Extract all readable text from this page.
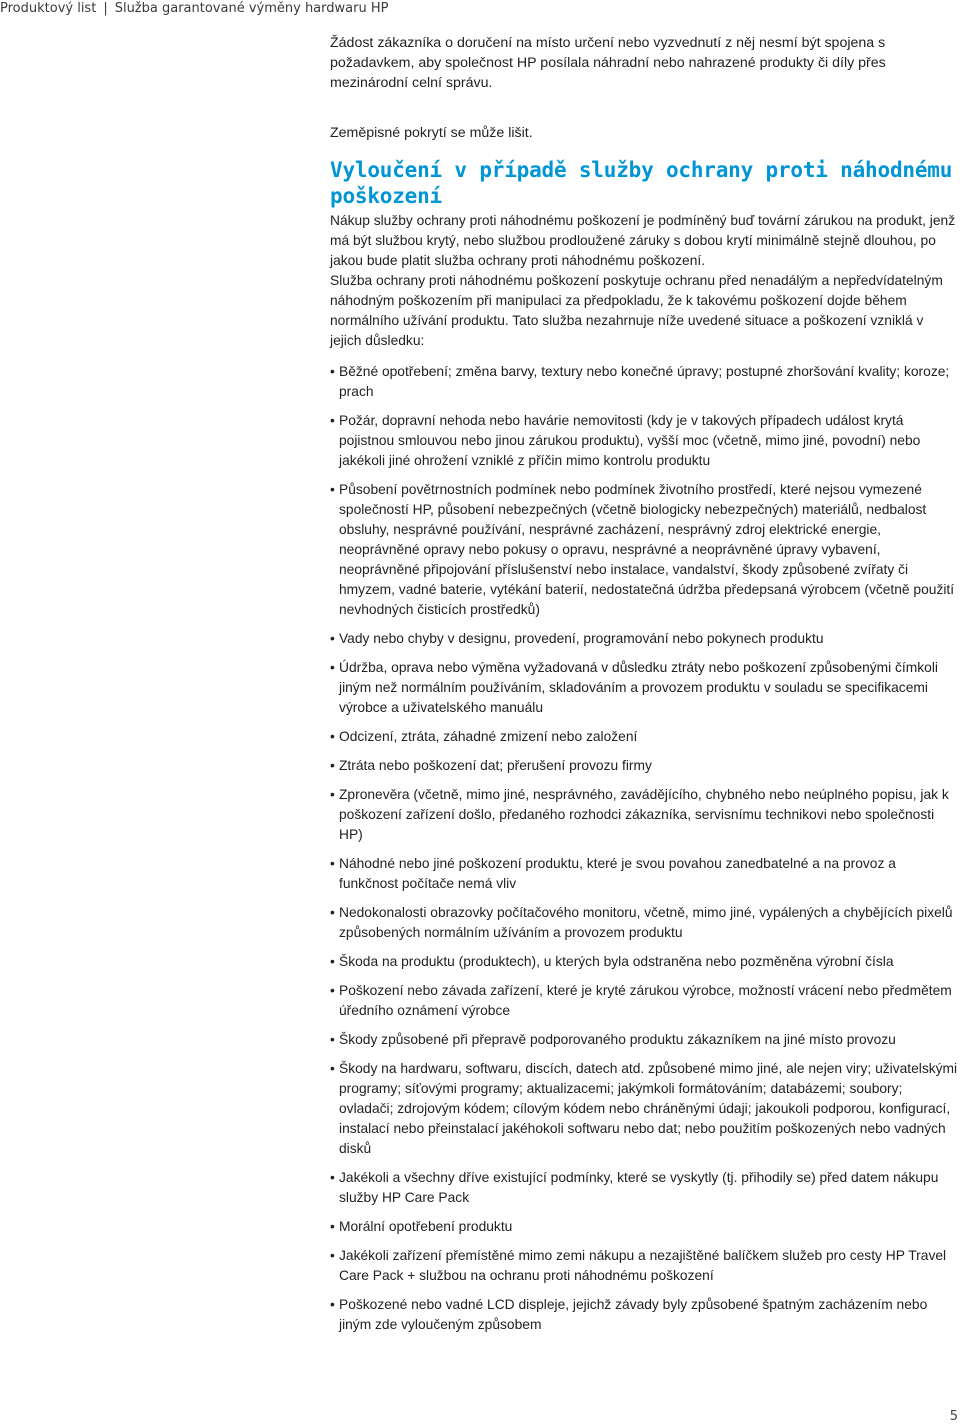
Produktový list | Služba garantované výměny hardwaru HP

Žádost zákazníka o doručení na místo určení nebo vyzvednutí z něj nesmí být spojena s požadavkem, aby společnost HP posílala náhradní nebo nahrazené produkty či díly přes mezinárodní celní správu.

Zeměpisné pokrytí se může lišit.

Vyloučení v případě služby ochrany proti náhodnému poškození

Nákup služby ochrany proti náhodnému poškození je podmíněný buď tovární zárukou na produkt, jenž má být službou krytý, nebo službou prodloužené záruky s dobou krytí minimálně stejně dlouhou, po jakou bude platit služba ochrany proti náhodnému poškození.

Služba ochrany proti náhodnému poškození poskytuje ochranu před nenadálým a nepředvídatelným náhodným poškozením při manipulaci za předpokladu, že k takovému poškození dojde během normálního užívání produktu. Tato služba nezahrnuje níže uvedené situace a poškození vzniklá v jejich důsledku:

• Běžné opotřebení; změna barvy, textury nebo konečné úpravy; postupné zhoršování kvality; koroze; prach
• Požár, dopravní nehoda nebo havárie nemovitosti (kdy je v takových případech událost krytá pojistnou smlouvou nebo jinou zárukou produktu), vyšší moc (včetně, mimo jiné, povodní) nebo jakékoli jiné ohrožení vzniklé z příčin mimo kontrolu produktu
• Působení povětrnostních podmínek nebo podmínek životního prostředí, které nejsou vymezené společností HP, působení nebezpečných (včetně biologicky nebezpečných) materiálů, nedbalost obsluhy, nesprávné používání, nesprávné zacházení, nesprávný zdroj elektrické energie, neoprávněné opravy nebo pokusy o opravu, nesprávné a neoprávněné úpravy vybavení, neoprávněné připojování příslušenství nebo instalace, vandalství, škody způsobené zvířaty či hmyzem, vadné baterie, vytékání baterií, nedostatečná údržba předepsaná výrobcem (včetně použití nevhodných čisticích prostředků)
• Vady nebo chyby v designu, provedení, programování nebo pokynech produktu
• Údržba, oprava nebo výměna vyžadovaná v důsledku ztráty nebo poškození způsobenými čímkoli jiným než normálním používáním, skladováním a provozem produktu v souladu se specifikacemi výrobce a uživatelského manuálu
• Odcizení, ztráta, záhadné zmizení nebo založení
• Ztráta nebo poškození dat; přerušení provozu firmy
• Zpronevěra (včetně, mimo jiné, nesprávného, zavádějícího, chybného nebo neúplného popisu, jak k poškození zařízení došlo, předaného rozhodci zákazníka, servisnímu technikovi nebo společnosti HP)
• Náhodné nebo jiné poškození produktu, které je svou povahou zanedbatelné a na provoz a funkčnost počítače nemá vliv
• Nedokonalosti obrazovky počítačového monitoru, včetně, mimo jiné, vypálených a chybějících pixelů způsobených normálním užíváním a provozem produktu
• Škoda na produktu (produktech), u kterých byla odstraněna nebo pozměněna výrobní čísla
• Poškození nebo závada zařízení, které je kryté zárukou výrobce, možností vrácení nebo předmětem úředního oznámení výrobce
• Škody způsobené při přepravě podporovaného produktu zákazníkem na jiné místo provozu
• Škody na hardwaru, softwaru, discích, datech atd. způsobené mimo jiné, ale nejen viry; uživatelskými programy; síťovými programy; aktualizacemi; jakýmkoli formátováním; databázemi; soubory; ovladači; zdrojovým kódem; cílovým kódem nebo chráněnými údaji; jakoukoli podporou, konfigurací, instalací nebo přeinstalací jakéhokoli softwaru nebo dat; nebo použitím poškozených nebo vadných disků
• Jakékoli a všechny dříve existující podmínky, které se vyskytly (tj. přihodily se) před datem nákupu služby HP Care Pack
• Morální opotřebení produktu
• Jakékoli zařízení přemístěné mimo zemi nákupu a nezajištěné balíčkem služeb pro cesty HP Travel Care Pack + službou na ochranu proti náhodnému poškození
• Poškozené nebo vadné LCD displeje, jejichž závady byly způsobené špatným zacházením nebo jiným zde vyloučeným způsobem
5
